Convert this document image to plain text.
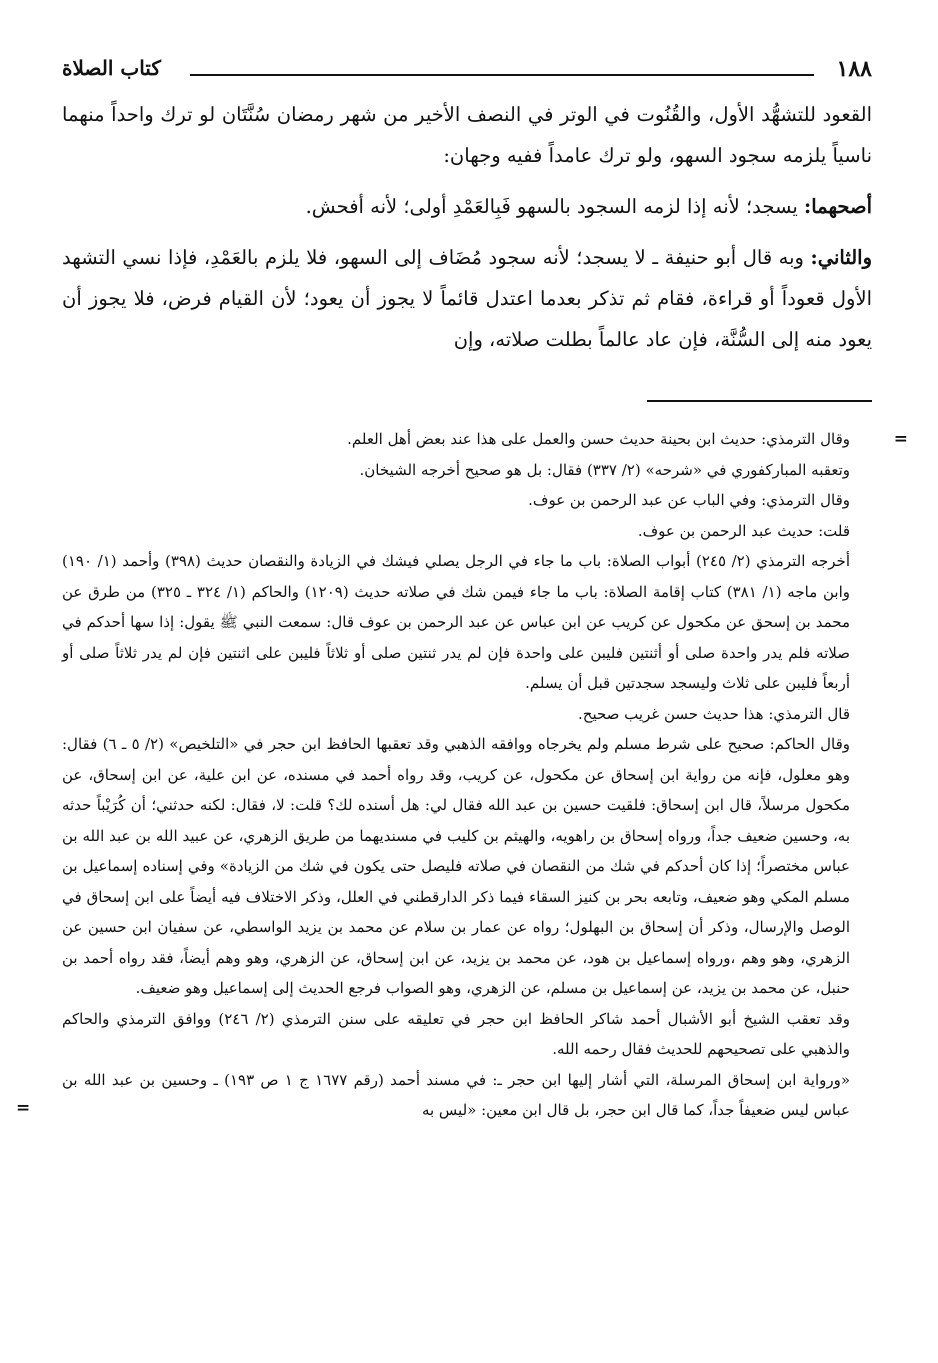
١٨٨
كتاب الصلاة

القعود للتشهُّد الأول، والقُنُوت في الوتر في النصف الأخير من شهر رمضان سُنَّتَان لو ترك واحداً منهما ناسياً يلزمه سجود السهو، ولو ترك عامداً ففيه وجهان:

أصحهما: يسجد؛ لأنه إذا لزمه السجود بالسهو فَبِالعَمْدِ أولى؛ لأنه أفحش.

والثاني: وبه قال أبو حنيفة ـ لا يسجد؛ لأنه سجود مُضَاف إلى السهو، فلا يلزم بالعَمْدِ، فإذا نسي التشهد الأول قعوداً أو قراءة، فقام ثم تذكر بعدما اعتدل قائماً لا يجوز أن يعود؛ لأن القيام فرض، فلا يجوز أن يعود منه إلى السُّنَّة، فإن عاد عالماً بطلت صلاته، وإن

=

وقال الترمذي: حديث ابن بحينة حديث حسن والعمل على هذا عند بعض أهل العلم.

وتعقبه المباركفوري في «شرحه» (٢/ ٣٣٧) فقال: بل هو صحيح أخرجه الشيخان.

وقال الترمذي: وفي الباب عن عبد الرحمن بن عوف.

قلت: حديث عبد الرحمن بن عوف.

أخرجه الترمذي (٢/ ٢٤٥) أبواب الصلاة: باب ما جاء في الرجل يصلي فيشك في الزيادة والنقصان حديث (٣٩٨) وأحمد (١/ ١٩٠) وابن ماجه (١/ ٣٨١) كتاب إقامة الصلاة: باب ما جاء فيمن شك في صلاته حديث (١٢٠٩) والحاكم (١/ ٣٢٤ ـ ٣٢٥) من طرق عن محمد بن إسحق عن مكحول عن كريب عن ابن عباس عن عبد الرحمن بن عوف قال: سمعت النبي ﷺ يقول: إذا سها أحدكم في صلاته فلم يدر واحدة صلى أو أثنتين فليبن على واحدة فإن لم يدر ثنتين صلى أو ثلاثاً فليبن على اثنتين فإن لم يدر ثلاثاً صلى أو أربعاً فليبن على ثلاث وليسجد سجدتين قبل أن يسلم.

قال الترمذي: هذا حديث حسن غريب صحيح.

وقال الحاكم: صحيح على شرط مسلم ولم يخرجاه ووافقه الذهبي وقد تعقبها الحافظ ابن حجر في «التلخيص» (٢/ ٥ ـ ٦) فقال: وهو معلول، فإنه من رواية ابن إسحاق عن مكحول، عن كريب، وقد رواه أحمد في مسنده، عن ابن علية، عن ابن إسحاق، عن مكحول مرسلاً، قال ابن إسحاق: فلقيت حسين بن عبد الله فقال لي: هل أسنده لك؟ قلت: لا، فقال: لكنه حدثني؛ أن كُرَيْباً حدثه به، وحسين ضعيف جداً، ورواه إسحاق بن راهويه، والهيثم بن كليب في مسنديهما من طريق الزهري، عن عبيد الله بن عبد الله بن عباس مختصراً؛ إذا كان أحدكم في شك من النقصان في صلاته فليصل حتى يكون في شك من الزيادة» وفي إسناده إسماعيل بن مسلم المكي وهو ضعيف، وتابعه بحر بن كنيز السقاء فيما ذكر الدارقطني في العلل، وذكر الاختلاف فيه أيضاً على ابن إسحاق في الوصل والإرسال، وذكر أن إسحاق بن البهلول؛ رواه عن عمار بن سلام عن محمد بن يزيد الواسطي، عن سفيان ابن حسين عن الزهري، وهو وهم ،ورواه إسماعيل بن هود، عن محمد بن يزيد، عن ابن إسحاق، عن الزهري، وهو وهم أيضاً، فقد رواه أحمد بن حنبل، عن محمد بن يزيد، عن إسماعيل بن مسلم، عن الزهري، وهو الصواب فرجع الحديث إلى إسماعيل وهو ضعيف.

وقد تعقب الشيخ أبو الأشبال أحمد شاكر الحافظ ابن حجر في تعليقه على سنن الترمذي (٢/ ٢٤٦) ووافق الترمذي والحاكم والذهبي على تصحيحهم للحديث فقال رحمه الله.

«ورواية ابن إسحاق المرسلة، التي أشار إليها ابن حجر ـ: في مسند أحمد (رقم ١٦٧٧ ج ١ ص ١٩٣) ـ وحسين بن عبد الله بن عباس ليس ضعيفاً جداً، كما قال ابن حجر، بل قال ابن معين: «ليس به

=
